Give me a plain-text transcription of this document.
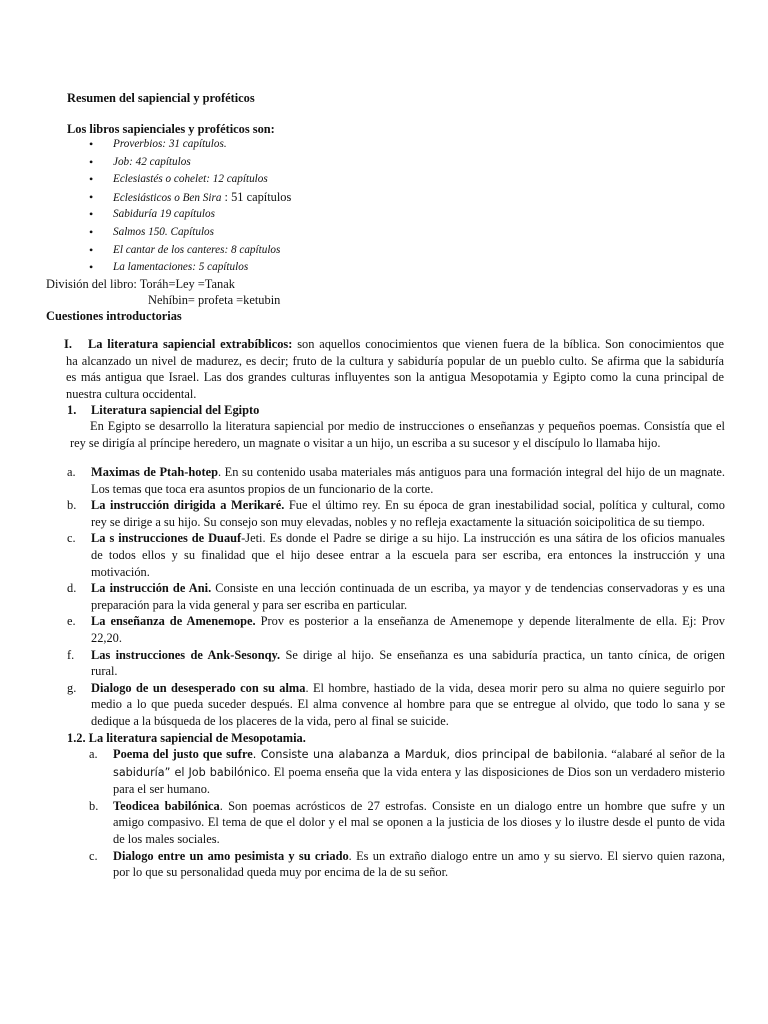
Resumen del sapiencial y proféticos
Los libros sapienciales y proféticos son:
• Proverbios: 31 capítulos.
• Job: 42 capítulos
• Eclesiastés o cohelet: 12 capítulos
• Eclesiásticos o Ben Sira : 51 capítulos
• Sabiduría 19 capítulos
• Salmos 150. Capítulos
• El cantar de los canteres: 8 capítulos
• La lamentaciones: 5 capítulos
División del libro: Toráh=Ley =Tanak
Nehíbin= profeta =ketubin
Cuestiones introductorias
I.	La literatura sapiencial extrabíblicos: son aquellos conocimientos que vienen fuera de la bíblica. Son conocimientos que
ha alcanzado un nivel de madurez, es decir; fruto de la cultura y sabiduría popular de un pueblo culto. Se afirma que la sabiduría
es más antigua que Israel. Las dos grandes culturas influyentes son la antigua Mesopotamia y Egipto como la cuna principal de
nuestra cultura occidental.
1. Literatura sapiencial del Egipto
En Egipto se desarrollo la literatura sapiencial por medio de instrucciones o enseñanzas y pequeños poemas. Consistía que el
rey se dirigía al príncipe heredero, un magnate o visitar a un hijo, un escriba a su sucesor y el discípulo lo llamaba hijo.
a. Maximas de Ptah-hotep. En su contenido usaba materiales más antiguos para una formación integral del hijo de un magnate.
Los temas que toca era asuntos propios de un funcionario de la corte.
b. La instrucción dirigida a Merikaré. Fue el último rey. En su época de gran inestabilidad social, política y cultural, como
rey se dirige a su hijo. Su consejo son muy elevadas, nobles y no refleja exactamente la situación soicipolitica de su tiempo.
c. La s instrucciones de Duauf-Jeti. Es donde el Padre se dirige a su hijo. La instrucción es una sátira de los oficios manuales
de todos ellos y su finalidad que el hijo desee entrar a la escuela para ser escriba, era entonces la instrucción y una
motivación.
d. La instrucción de Ani. Consiste en una lección continuada de un escriba, ya mayor y de tendencias conservadoras y es una
preparación para la vida general y para ser escriba en particular.
e. La enseñanza de Amenemope. Prov es posterior a la enseñanza de Amenemope y depende literalmente de ella. Ej: Prov
22,20.
f. Las instrucciones de Ank-Sesonqy. Se dirige al hijo. Se enseñanza es una sabiduría practica, un tanto cínica, de origen
rural.
g. Dialogo de un desesperado con su alma. El hombre, hastiado de la vida, desea morir pero su alma no quiere seguirlo por
medio a lo que pueda suceder después. El alma convence al hombre para que se entregue al olvido, que todo lo sana y se
dedique a la búsqueda de los placeres de la vida, pero al final se suicide.
1.2. La literatura sapiencial de Mesopotamia.
a. Poema del justo que sufre. Consiste una alabanza a Marduk, dios principal de babilonia. “alabaré al señor de la
sabiduría” el Job babilónico. El poema enseña que la vida entera y las disposiciones de Dios son un verdadero misterio
para el ser humano.
b. Teodicea babilónica. Son poemas acrósticos de 27 estrofas. Consiste en un dialogo entre un hombre que sufre y un
amigo compasivo. El tema de que el dolor y el mal se oponen a la justicia de los dioses y lo ilustre desde el punto de vida
de los males sociales.
c. Dialogo entre un amo pesimista y su criado. Es un extraño dialogo entre un amo y su siervo. El siervo quien razona,
por lo que su personalidad queda muy por encima de la de su señor.
